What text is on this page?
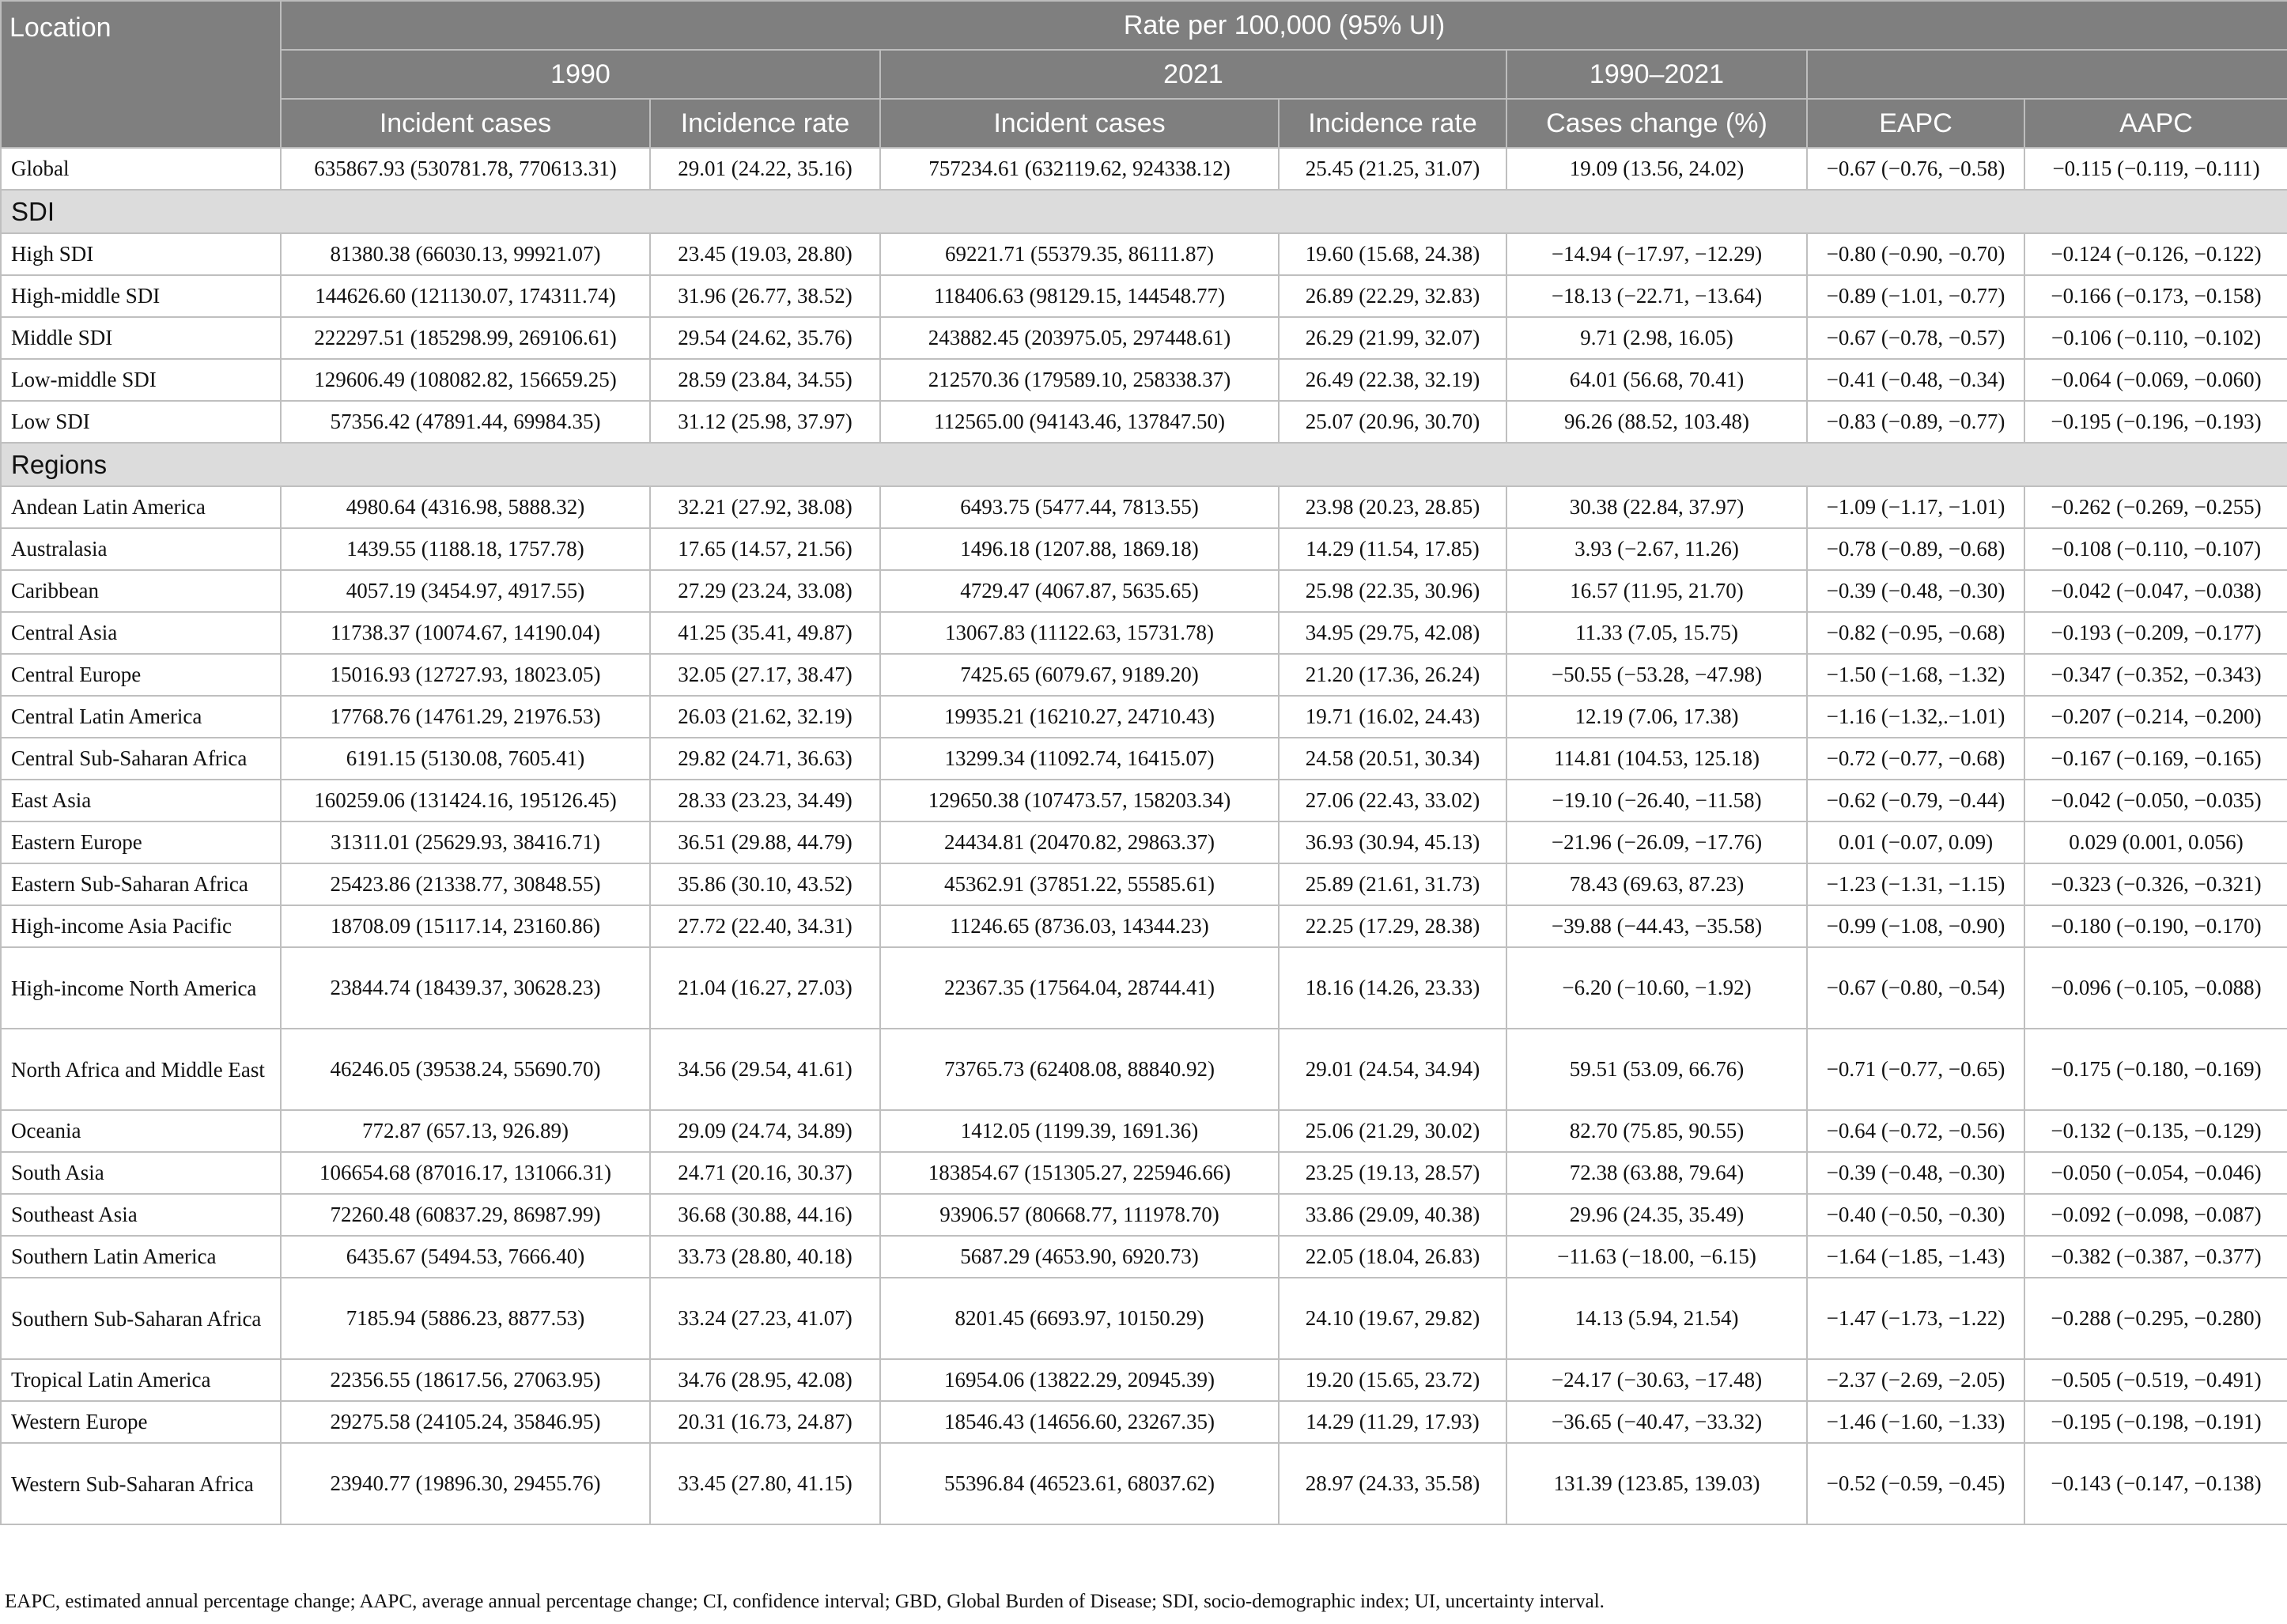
Location	Rate per 100,000 (95% UI)						
	1990		2021		1990–2021		
	Incident cases	Incidence rate	Incident cases	Incidence rate	Cases change (%)	EAPC	AAPC
Global	635867.93 (530781.78, 770613.31)	29.01 (24.22, 35.16)	757234.61 (632119.62, 924338.12)	25.45 (21.25, 31.07)	19.09 (13.56, 24.02)	−0.67 (−0.76, −0.58)	−0.115 (−0.119, −0.111)
SDI							
High SDI	81380.38 (66030.13, 99921.07)	23.45 (19.03, 28.80)	69221.71 (55379.35, 86111.87)	19.60 (15.68, 24.38)	−14.94 (−17.97, −12.29)	−0.80 (−0.90, −0.70)	−0.124 (−0.126, −0.122)
High-middle SDI	144626.60 (121130.07, 174311.74)	31.96 (26.77, 38.52)	118406.63 (98129.15, 144548.77)	26.89 (22.29, 32.83)	−18.13 (−22.71, −13.64)	−0.89 (−1.01, −0.77)	−0.166 (−0.173, −0.158)
Middle SDI	222297.51 (185298.99, 269106.61)	29.54 (24.62, 35.76)	243882.45 (203975.05, 297448.61)	26.29 (21.99, 32.07)	9.71 (2.98, 16.05)	−0.67 (−0.78, −0.57)	−0.106 (−0.110, −0.102)
Low-middle SDI	129606.49 (108082.82, 156659.25)	28.59 (23.84, 34.55)	212570.36 (179589.10, 258338.37)	26.49 (22.38, 32.19)	64.01 (56.68, 70.41)	−0.41 (−0.48, −0.34)	−0.064 (−0.069, −0.060)
Low SDI	57356.42 (47891.44, 69984.35)	31.12 (25.98, 37.97)	112565.00 (94143.46, 137847.50)	25.07 (20.96, 30.70)	96.26 (88.52, 103.48)	−0.83 (−0.89, −0.77)	−0.195 (−0.196, −0.193)
Regions							
Andean Latin America	4980.64 (4316.98, 5888.32)	32.21 (27.92, 38.08)	6493.75 (5477.44, 7813.55)	23.98 (20.23, 28.85)	30.38 (22.84, 37.97)	−1.09 (−1.17, −1.01)	−0.262 (−0.269, −0.255)
Australasia	1439.55 (1188.18, 1757.78)	17.65 (14.57, 21.56)	1496.18 (1207.88, 1869.18)	14.29 (11.54, 17.85)	3.93 (−2.67, 11.26)	−0.78 (−0.89, −0.68)	−0.108 (−0.110, −0.107)
Caribbean	4057.19 (3454.97, 4917.55)	27.29 (23.24, 33.08)	4729.47 (4067.87, 5635.65)	25.98 (22.35, 30.96)	16.57 (11.95, 21.70)	−0.39 (−0.48, −0.30)	−0.042 (−0.047, −0.038)
Central Asia	11738.37 (10074.67, 14190.04)	41.25 (35.41, 49.87)	13067.83 (11122.63, 15731.78)	34.95 (29.75, 42.08)	11.33 (7.05, 15.75)	−0.82 (−0.95, −0.68)	−0.193 (−0.209, −0.177)
Central Europe	15016.93 (12727.93, 18023.05)	32.05 (27.17, 38.47)	7425.65 (6079.67, 9189.20)	21.20 (17.36, 26.24)	−50.55 (−53.28, −47.98)	−1.50 (−1.68, −1.32)	−0.347 (−0.352, −0.343)
Central Latin America	17768.76 (14761.29, 21976.53)	26.03 (21.62, 32.19)	19935.21 (16210.27, 24710.43)	19.71 (16.02, 24.43)	12.19 (7.06, 17.38)	−1.16 (−1.32,.−1.01)	−0.207 (−0.214, −0.200)
Central Sub-Saharan Africa	6191.15 (5130.08, 7605.41)	29.82 (24.71, 36.63)	13299.34 (11092.74, 16415.07)	24.58 (20.51, 30.34)	114.81 (104.53, 125.18)	−0.72 (−0.77, −0.68)	−0.167 (−0.169, −0.165)
East Asia	160259.06 (131424.16, 195126.45)	28.33 (23.23, 34.49)	129650.38 (107473.57, 158203.34)	27.06 (22.43, 33.02)	−19.10 (−26.40, −11.58)	−0.62 (−0.79, −0.44)	−0.042 (−0.050, −0.035)
Eastern Europe	31311.01 (25629.93, 38416.71)	36.51 (29.88, 44.79)	24434.81 (20470.82, 29863.37)	36.93 (30.94, 45.13)	−21.96 (−26.09, −17.76)	0.01 (−0.07, 0.09)	0.029 (0.001, 0.056)
Eastern Sub-Saharan Africa	25423.86 (21338.77, 30848.55)	35.86 (30.10, 43.52)	45362.91 (37851.22, 55585.61)	25.89 (21.61, 31.73)	78.43 (69.63, 87.23)	−1.23 (−1.31, −1.15)	−0.323 (−0.326, −0.321)
High-income Asia Pacific	18708.09 (15117.14, 23160.86)	27.72 (22.40, 34.31)	11246.65 (8736.03, 14344.23)	22.25 (17.29, 28.38)	−39.88 (−44.43, −35.58)	−0.99 (−1.08, −0.90)	−0.180 (−0.190, −0.170)
High-income North America	23844.74 (18439.37, 30628.23)	21.04 (16.27, 27.03)	22367.35 (17564.04, 28744.41)	18.16 (14.26, 23.33)	−6.20 (−10.60, −1.92)	−0.67 (−0.80, −0.54)	−0.096 (−0.105, −0.088)
North Africa and Middle East	46246.05 (39538.24, 55690.70)	34.56 (29.54, 41.61)	73765.73 (62408.08, 88840.92)	29.01 (24.54, 34.94)	59.51 (53.09, 66.76)	−0.71 (−0.77, −0.65)	−0.175 (−0.180, −0.169)
Oceania	772.87 (657.13, 926.89)	29.09 (24.74, 34.89)	1412.05 (1199.39, 1691.36)	25.06 (21.29, 30.02)	82.70 (75.85, 90.55)	−0.64 (−0.72, −0.56)	−0.132 (−0.135, −0.129)
South Asia	106654.68 (87016.17, 131066.31)	24.71 (20.16, 30.37)	183854.67 (151305.27, 225946.66)	23.25 (19.13, 28.57)	72.38 (63.88, 79.64)	−0.39 (−0.48, −0.30)	−0.050 (−0.054, −0.046)
Southeast Asia	72260.48 (60837.29, 86987.99)	36.68 (30.88, 44.16)	93906.57 (80668.77, 111978.70)	33.86 (29.09, 40.38)	29.96 (24.35, 35.49)	−0.40 (−0.50, −0.30)	−0.092 (−0.098, −0.087)
Southern Latin America	6435.67 (5494.53, 7666.40)	33.73 (28.80, 40.18)	5687.29 (4653.90, 6920.73)	22.05 (18.04, 26.83)	−11.63 (−18.00, −6.15)	−1.64 (−1.85, −1.43)	−0.382 (−0.387, −0.377)
Southern Sub-Saharan Africa	7185.94 (5886.23, 8877.53)	33.24 (27.23, 41.07)	8201.45 (6693.97, 10150.29)	24.10 (19.67, 29.82)	14.13 (5.94, 21.54)	−1.47 (−1.73, −1.22)	−0.288 (−0.295, −0.280)
Tropical Latin America	22356.55 (18617.56, 27063.95)	34.76 (28.95, 42.08)	16954.06 (13822.29, 20945.39)	19.20 (15.65, 23.72)	−24.17 (−30.63, −17.48)	−2.37 (−2.69, −2.05)	−0.505 (−0.519, −0.491)
Western Europe	29275.58 (24105.24, 35846.95)	20.31 (16.73, 24.87)	18546.43 (14656.60, 23267.35)	14.29 (11.29, 17.93)	−36.65 (−40.47, −33.32)	−1.46 (−1.60, −1.33)	−0.195 (−0.198, −0.191)
Western Sub-Saharan Africa	23940.77 (19896.30, 29455.76)	33.45 (27.80, 41.15)	55396.84 (46523.61, 68037.62)	28.97 (24.33, 35.58)	131.39 (123.85, 139.03)	−0.52 (−0.59, −0.45)	−0.143 (−0.147, −0.138)
EAPC, estimated annual percentage change; AAPC, average annual percentage change; CI, confidence interval; GBD, Global Burden of Disease; SDI, socio-demographic index; UI, uncertainty interval.
